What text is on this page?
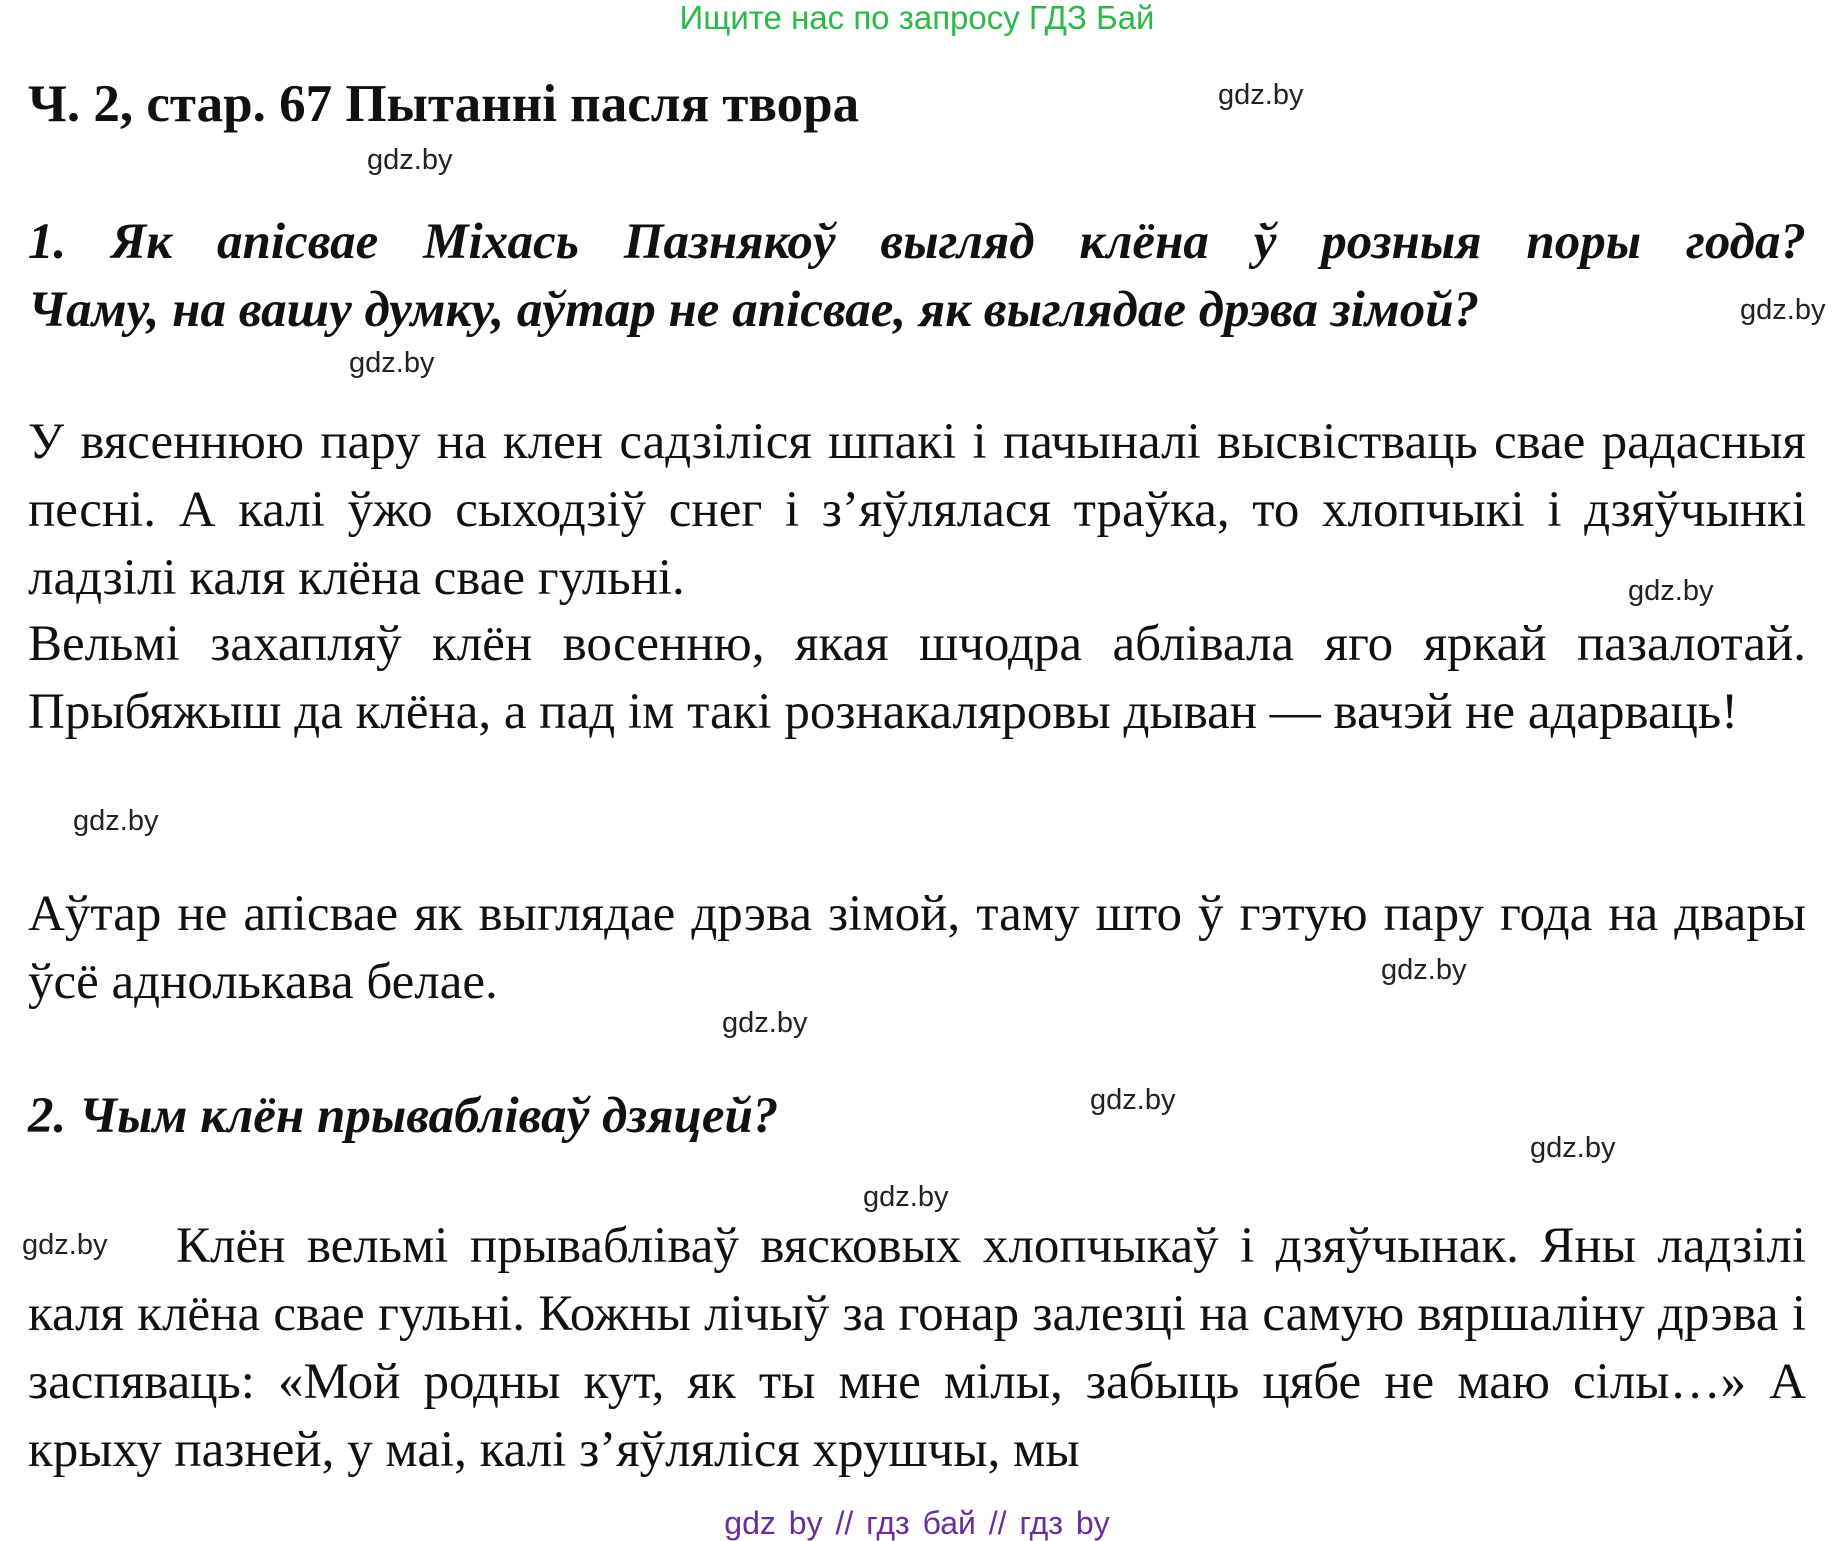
Ищите нас по запросу ГДЗ Бай
Ч. 2, стар. 67 Пытанні пасля твора
1. Як апісвае Міхась Пазнякоў выгляд клёна ў розныя поры года?
Чаму, на вашу думку, аўтар не апісвае, як выглядае дрэва зімой?
У вясеннюю пару на клен садзіліся шпакі і пачыналі высвістваць свае радасныя песні. А калі ўжо сыходзіў снег і з’яўлялася траўка, то хлопчыкі і дзяўчынкі ладзілі каля клёна свае гульні.
Вельмі захапляў клён восенню, якая шчодра аблівала яго яркай пазалотай. Прыбяжыш да клёна, а пад ім такі рознакаляровы дыван — вачэй не адарваць!
Аўтар не апісвае як выглядае дрэва зімой, таму што ў гэтую пару года на двары ўсё аднолькава белае.
2. Чым клён прывабліваў дзяцей?
Клён вельмі прывабліваў вясковых хлопчыкаў і дзяўчынак. Яны ладзілі каля клёна свае гульні. Кожны лічыў за гонар залезці на самую вяршаліну дрэва і заспяваць: «Мой родны кут, як ты мне мілы, забыць цябе не маю сілы…» А крыху пазней, у маі, калі з’яўляліся хрушчы, мы
gdz.by
gdz.by
gdz.by
gdz.by
gdz.by
gdz.by
gdz.by
gdz.by
gdz.by
gdz.by
gdz.by
gdz.by
gdz by // гдз бай // гдз by
